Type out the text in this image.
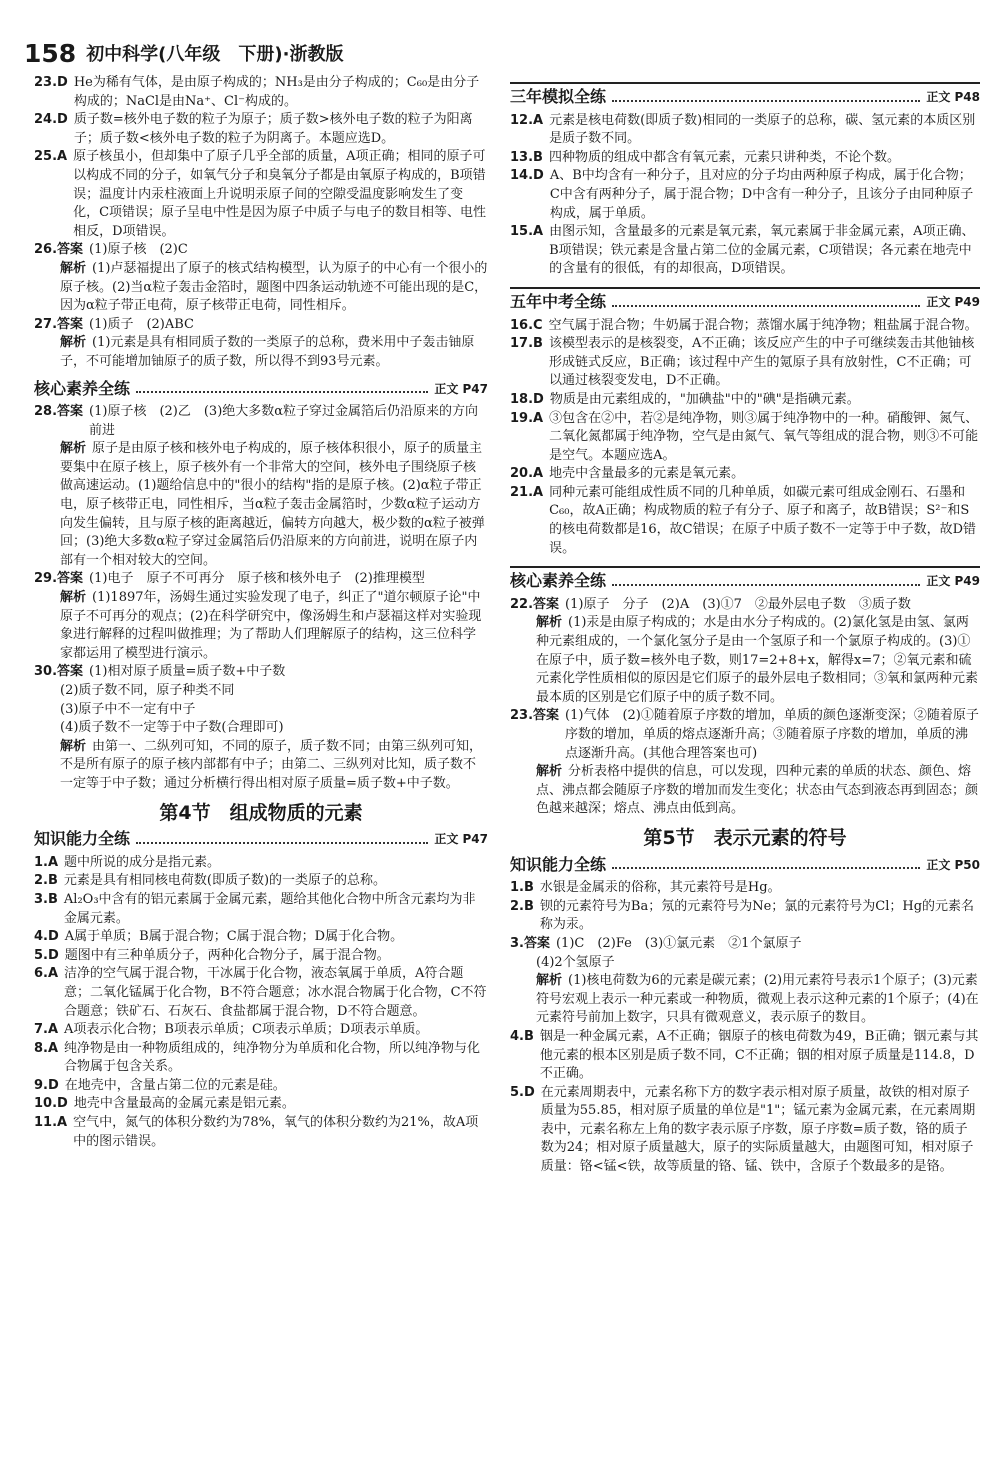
158 初中科学(八年级　下册)·浙教版
23.D He为稀有气体，是由原子构成的；NH₃是由分子构成的；C₆₀是由分子构成的；NaCl是由Na⁺、Cl⁻构成的。
24.D 质子数=核外电子数的粒子为原子；质子数>核外电子数的粒子为阳离子；质子数<核外电子数的粒子为阴离子。本题应选D。
25.A 原子核虽小，但却集中了原子几乎全部的质量，A项正确；相同的原子可以构成不同的分子，如氧气分子和臭氧分子都是由氧原子构成的，B项错误；温度计内汞柱液面上升说明汞原子间的空隙受温度影响发生了变化，C项错误；原子呈电中性是因为原子中质子与电子的数目相等、电性相反，D项错误。
26.答案 (1)原子核　(2)C
解析 (1)卢瑟福提出了原子的核式结构模型，认为原子的中心有一个很小的原子核。(2)当α粒子轰击金箔时，题图中四条运动轨迹不可能出现的是C，因为α粒子带正电荷，原子核带正电荷，同性相斥。
27.答案 (1)质子　(2)ABC
解析 (1)元素是具有相同质子数的一类原子的总称，费米用中子轰击铀原子，不可能增加铀原子的质子数，所以得不到93号元素。
核心素养全练	正文 P47
28.答案 (1)原子核　(2)乙　(3)绝大多数α粒子穿过金属箔后仍沿原来的方向前进
解析 原子是由原子核和核外电子构成的，原子核体积很小，原子的质量主要集中在原子核上，原子核外有一个非常大的空间，核外电子围绕原子核做高速运动。(1)题给信息中的"很小的结构"指的是原子核。(2)α粒子带正电，原子核带正电，同性相斥，当α粒子轰击金属箔时，少数α粒子运动方向发生偏转，且与原子核的距离越近，偏转方向越大，极少数的α粒子被弹回；(3)绝大多数α粒子穿过金属箔后仍沿原来的方向前进，说明在原子内部有一个相对较大的空间。
29.答案 (1)电子　原子不可再分　原子核和核外电子　(2)推理模型
解析 (1)1897年，汤姆生通过实验发现了电子，纠正了"道尔顿原子论"中原子不可再分的观点；(2)在科学研究中，像汤姆生和卢瑟福这样对实验现象进行解释的过程叫做推理；为了帮助人们理解原子的结构，这三位科学家都运用了模型进行演示。
30.答案 (1)相对原子质量=质子数+中子数
(2)质子数不同，原子种类不同
(3)原子中不一定有中子
(4)质子数不一定等于中子数(合理即可)
解析 由第一、二纵列可知，不同的原子，质子数不同；由第三纵列可知，不是所有原子的原子核内部都有中子；由第二、三纵列对比知，质子数不一定等于中子数；通过分析横行得出相对原子质量=质子数+中子数。
第4节　组成物质的元素
知识能力全练	正文 P47
1.A 题中所说的成分是指元素。
2.B 元素是具有相同核电荷数(即质子数)的一类原子的总称。
3.B Al₂O₃中含有的铝元素属于金属元素，题给其他化合物中所含元素均为非金属元素。
4.D A属于单质；B属于混合物；C属于混合物；D属于化合物。
5.D 题图中有三种单质分子，两种化合物分子，属于混合物。
6.A 洁净的空气属于混合物，干冰属于化合物，液态氧属于单质，A符合题意；二氧化锰属于化合物，B不符合题意；冰水混合物属于化合物，C不符合题意；铁矿石、石灰石、食盐都属于混合物，D不符合题意。
7.A A项表示化合物；B项表示单质；C项表示单质；D项表示单质。
8.A 纯净物是由一种物质组成的，纯净物分为单质和化合物，所以纯净物与化合物属于包含关系。
9.D 在地壳中，含量占第二位的元素是硅。
10.D 地壳中含量最高的金属元素是铝元素。
11.A 空气中，氮气的体积分数约为78%，氧气的体积分数约为21%，故A项中的图示错误。
三年模拟全练	正文 P48
12.A 元素是核电荷数(即质子数)相同的一类原子的总称，碳、氢元素的本质区别是质子数不同。
13.B 四种物质的组成中都含有氧元素，元素只讲种类，不论个数。
14.D A、B中均含有一种分子，且对应的分子均由两种原子构成，属于化合物；C中含有两种分子，属于混合物；D中含有一种分子，且该分子由同种原子构成，属于单质。
15.A 由图示知，含量最多的元素是氧元素，氧元素属于非金属元素，A项正确、B项错误；铁元素是含量占第二位的金属元素，C项错误；各元素在地壳中的含量有的很低，有的却很高，D项错误。
五年中考全练	正文 P49
16.C 空气属于混合物；牛奶属于混合物；蒸馏水属于纯净物；粗盐属于混合物。
17.B 该模型表示的是核裂变，A不正确；该反应产生的中子可继续轰击其他铀核形成链式反应，B正确；该过程中产生的氪原子具有放射性，C不正确；可以通过核裂变发电，D不正确。
18.D 物质是由元素组成的，"加碘盐"中的"碘"是指碘元素。
19.A ③包含在②中，若②是纯净物，则③属于纯净物中的一种。硝酸钾、氮气、二氧化氮都属于纯净物，空气是由氮气、氧气等组成的混合物，则③不可能是空气。本题应选A。
20.A 地壳中含量最多的元素是氧元素。
21.A 同种元素可能组成性质不同的几种单质，如碳元素可组成金刚石、石墨和C₆₀，故A正确；构成物质的粒子有分子、原子和离子，故B错误；S²⁻和S的核电荷数都是16，故C错误；在原子中质子数不一定等于中子数，故D错误。
核心素养全练	正文 P49
22.答案 (1)原子　分子　(2)A　(3)①7　②最外层电子数　③质子数
解析 (1)汞是由原子构成的；水是由水分子构成的。(2)氯化氢是由氢、氯两种元素组成的，一个氯化氢分子是由一个氢原子和一个氯原子构成的。(3)①在原子中，质子数=核外电子数，则17=2+8+x，解得x=7；②氧元素和硫元素化学性质相似的原因是它们原子的最外层电子数相同；③氧和氯两种元素最本质的区别是它们原子中的质子数不同。
23.答案 (1)气体　(2)①随着原子序数的增加，单质的颜色逐渐变深；②随着原子序数的增加，单质的熔点逐渐升高；③随着原子序数的增加，单质的沸点逐渐升高。(其他合理答案也可)
解析 分析表格中提供的信息，可以发现，四种元素的单质的状态、颜色、熔点、沸点都会随原子序数的增加而发生变化；状态由气态到液态再到固态；颜色越来越深；熔点、沸点由低到高。
第5节　表示元素的符号
知识能力全练	正文 P50
1.B 水银是金属汞的俗称，其元素符号是Hg。
2.B 钡的元素符号为Ba；氖的元素符号为Ne；氯的元素符号为Cl；Hg的元素名称为汞。
3.答案 (1)C　(2)Fe　(3)①氯元素　②1个氯原子
(4)2个氢原子
解析 (1)核电荷数为6的元素是碳元素；(2)用元素符号表示1个原子；(3)元素符号宏观上表示一种元素或一种物质，微观上表示这种元素的1个原子；(4)在元素符号前加上数字，只具有微观意义，表示原子的数目。
4.B 铟是一种金属元素，A不正确；铟原子的核电荷数为49，B正确；铟元素与其他元素的根本区别是质子数不同，C不正确；铟的相对原子质量是114.8，D不正确。
5.D 在元素周期表中，元素名称下方的数字表示相对原子质量，故铁的相对原子质量为55.85，相对原子质量的单位是"1"；锰元素为金属元素，在元素周期表中，元素名称左上角的数字表示原子序数，原子序数=质子数，铬的质子数为24；相对原子质量越大，原子的实际质量越大，由题图可知，相对原子质量：铬<锰<铁，故等质量的铬、锰、铁中，含原子个数最多的是铬。
